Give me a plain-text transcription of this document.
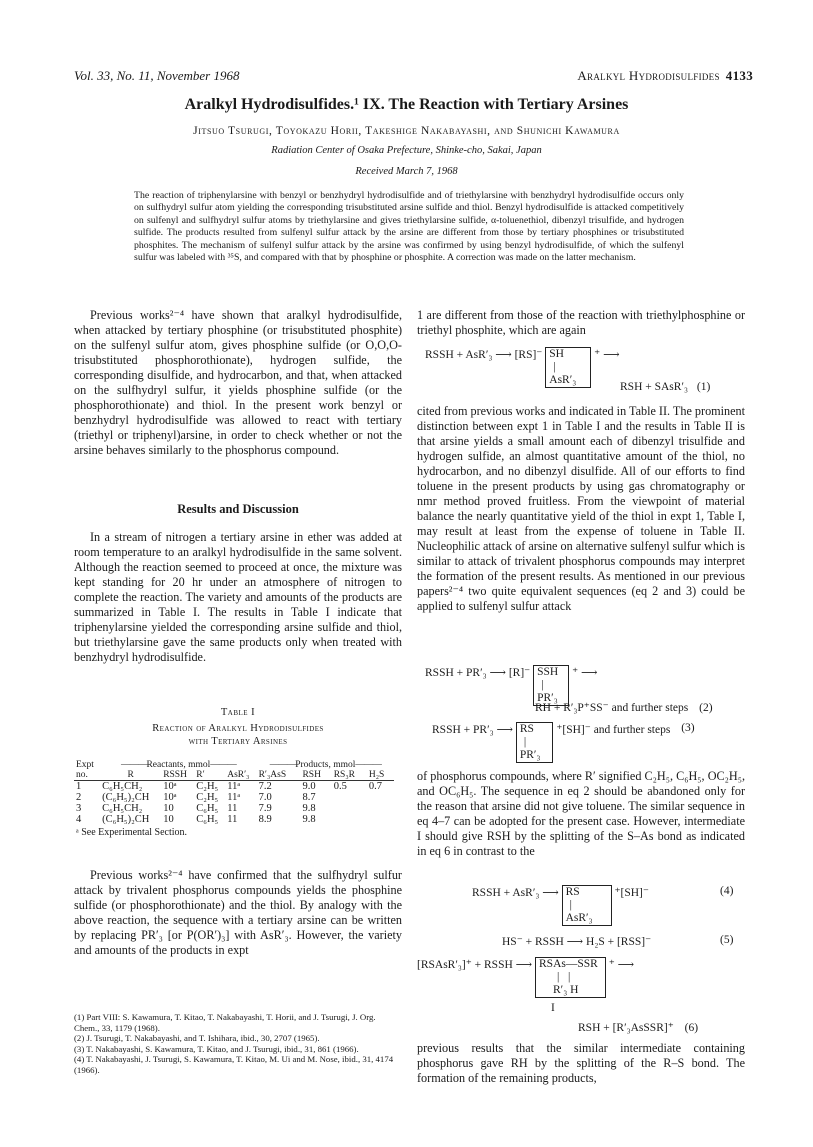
Vol. 33, No. 11, November 1968	Aralkyl Hydrodisulfides 4133
Aralkyl Hydrodisulfides.¹ IX. The Reaction with Tertiary Arsines
Jitsuo Tsurugi, Toyokazu Horii, Takeshige Nakabayashi, and Shunichi Kawamura
Radiation Center of Osaka Prefecture, Shinke-cho, Sakai, Japan
Received March 7, 1968
The reaction of triphenylarsine with benzyl or benzhydryl hydrodisulfide and of triethylarsine with benzhydryl hydrodisulfide occurs only on sulfhydryl sulfur atom yielding the corresponding trisubstituted arsine sulfide and thiol. Benzyl hydrodisulfide is attacked competitively on sulfenyl and sulfhydryl sulfur atoms by triethylarsine and gives triethylarsine sulfide, α-toluenethiol, dibenzyl trisulfide, and hydrogen sulfide. The products resulted from sulfenyl sulfur attack by the arsine are different from those by tertiary phosphines or trisubstituted phosphites. The mechanism of sulfenyl sulfur attack by the arsine was confirmed by using benzyl hydrodisulfide, of which the sulfenyl sulfur was labeled with ³⁵S, and compared with that by phosphine or phosphite. A correction was made on the latter mechanism.

Previous works²⁻⁴ have shown that aralkyl hydrodisulfide, when attacked by tertiary phosphine (or trisubstituted phosphite) on the sulfenyl sulfur atom, gives phosphine sulfide (or O,O,O-trisubstituted phosphorothionate), hydrogen sulfide, the corresponding disulfide, and hydrocarbon, and that, when attacked on the sulfhydryl sulfur, it yields phosphine sulfide (or the phosphorothionate) and thiol. In the present work benzyl or benzhydryl hydrodisulfide was allowed to react with tertiary (triethyl or triphenyl)arsine, in order to check whether or not the arsine behaves similarly to the phosphorus compound.

Results and Discussion

In a stream of nitrogen a tertiary arsine in ether was added at room temperature to an aralkyl hydrodisulfide in the same solvent. Although the reaction seemed to proceed at once, the mixture was kept standing for 20 hr under an atmosphere of nitrogen to complete the reaction. The variety and amounts of the products are summarized in Table I. The results in Table I indicate that triphenylarsine yielded the corresponding arsine sulfide and thiol, but triethylarsine gave the same products only when treated with benzhydryl hydrodisulfide.

Table I
Reaction of Aralkyl Hydrodisulfides
with Tertiary Arsines
Expt	———Reactants, mmol———				———Products, mmol———			
no.	R	RSSH	R′	AsR′₃	R′₃AsS	RSH	RS₃R	H₂S
1	C₆H₅CH₂	10ᵃ	C₂H₅	11ᵃ	7.2	9.0	0.5	0.7
2	(C₆H₅)₂CH	10ᵃ	C₂H₅	11ᵃ	7.0	8.7		
3	C₆H₅CH₂	10	C₆H₅	11	7.9	9.8		
4	(C₆H₅)₂CH	10	C₆H₅	11	8.9	9.8		
ᵃ See Experimental Section.

Previous works²⁻⁴ have confirmed that the sulfhydryl sulfur attack by trivalent phosphorus compounds yields the phosphine sulfide (or phosphorothionate) and the thiol. By analogy with the above reaction, the sequence with a tertiary arsine can be written by replacing PR′₃ [or P(OR′)₃] with AsR′₃. However, the variety and amounts of the products in expt

(1) Part VIII: S. Kawamura, T. Kitao, T. Nakabayashi, T. Horii, and J. Tsurugi, J. Org. Chem., 33, 1179 (1968).
(2) J. Tsurugi, T. Nakabayashi, and T. Ishihara, ibid., 30, 2707 (1965).
(3) T. Nakabayashi, S. Kawamura, T. Kitao, and J. Tsurugi, ibid., 31, 861 (1966).
(4) T. Nakabayashi, J. Tsurugi, S. Kawamura, T. Kitao, M. Ui and M. Nose, ibid., 31, 4174 (1966).

1 are different from those of the reaction with triethylphosphine or triethyl phosphite, which are again

RSSH + AsR′₃ ⟶ [RS]⁻ SH
|
AsR′₃
⁺ ⟶
RSH + SAsR′₃ (1)

cited from previous works and indicated in Table II. The prominent distinction between expt 1 in Table I and the results in Table II is that arsine yields a small amount each of dibenzyl trisulfide and hydrogen sulfide, an almost quantitative amount of the thiol, no hydrocarbon, and no dibenzyl disulfide. All of our efforts to find toluene in the present products by using gas chromatography or nmr method proved fruitless. From the viewpoint of material balance the nearly quantitative yield of the thiol in expt 1, Table I, may result at least from the expense of toluene in Table II. Nucleophilic attack of arsine on alternative sulfenyl sulfur which is similar to attack of trivalent phosphorus compounds may interpret the formation of the present results. As mentioned in our previous papers²⁻⁴ two quite equivalent sequences (eq 2 and 3) could be applied to sulfenyl sulfur attack

RSSH + PR′₃ ⟶ [R]⁻ SSH
|
PR′₃
⁺ ⟶
RH + R′₃P⁺SS⁻ and further steps (2)
RSSH + PR′₃ ⟶ RS
|
PR′₃
⁺[SH]⁻ and further steps (3)

of phosphorus compounds, where R′ signified C₂H₅, C₆H₅, OC₂H₅, and OC₆H₅. The sequence in eq 2 should be abandoned only for the reason that arsine did not give toluene. The similar sequence in eq 4–7 can be adopted for the present case. However, intermediate I should give RSH by the splitting of the S–As bond as indicated in eq 6 in contrast to the

RSSH + AsR′₃ ⟶ RS
|
AsR′₃
⁺[SH]⁻	(4)
HS⁻ + RSSH ⟶ H₂S + [RSS]⁻	(5)
[RSAsR′₃]⁺ + RSSH ⟶ RSAs—SSR
|   |
R′₃ H
⁺ ⟶
I
RSH + [R′₃AsSSR]⁺ (6)

previous results that the similar intermediate containing phosphorus gave RH by the splitting of the R–S bond. The formation of the remaining products,
